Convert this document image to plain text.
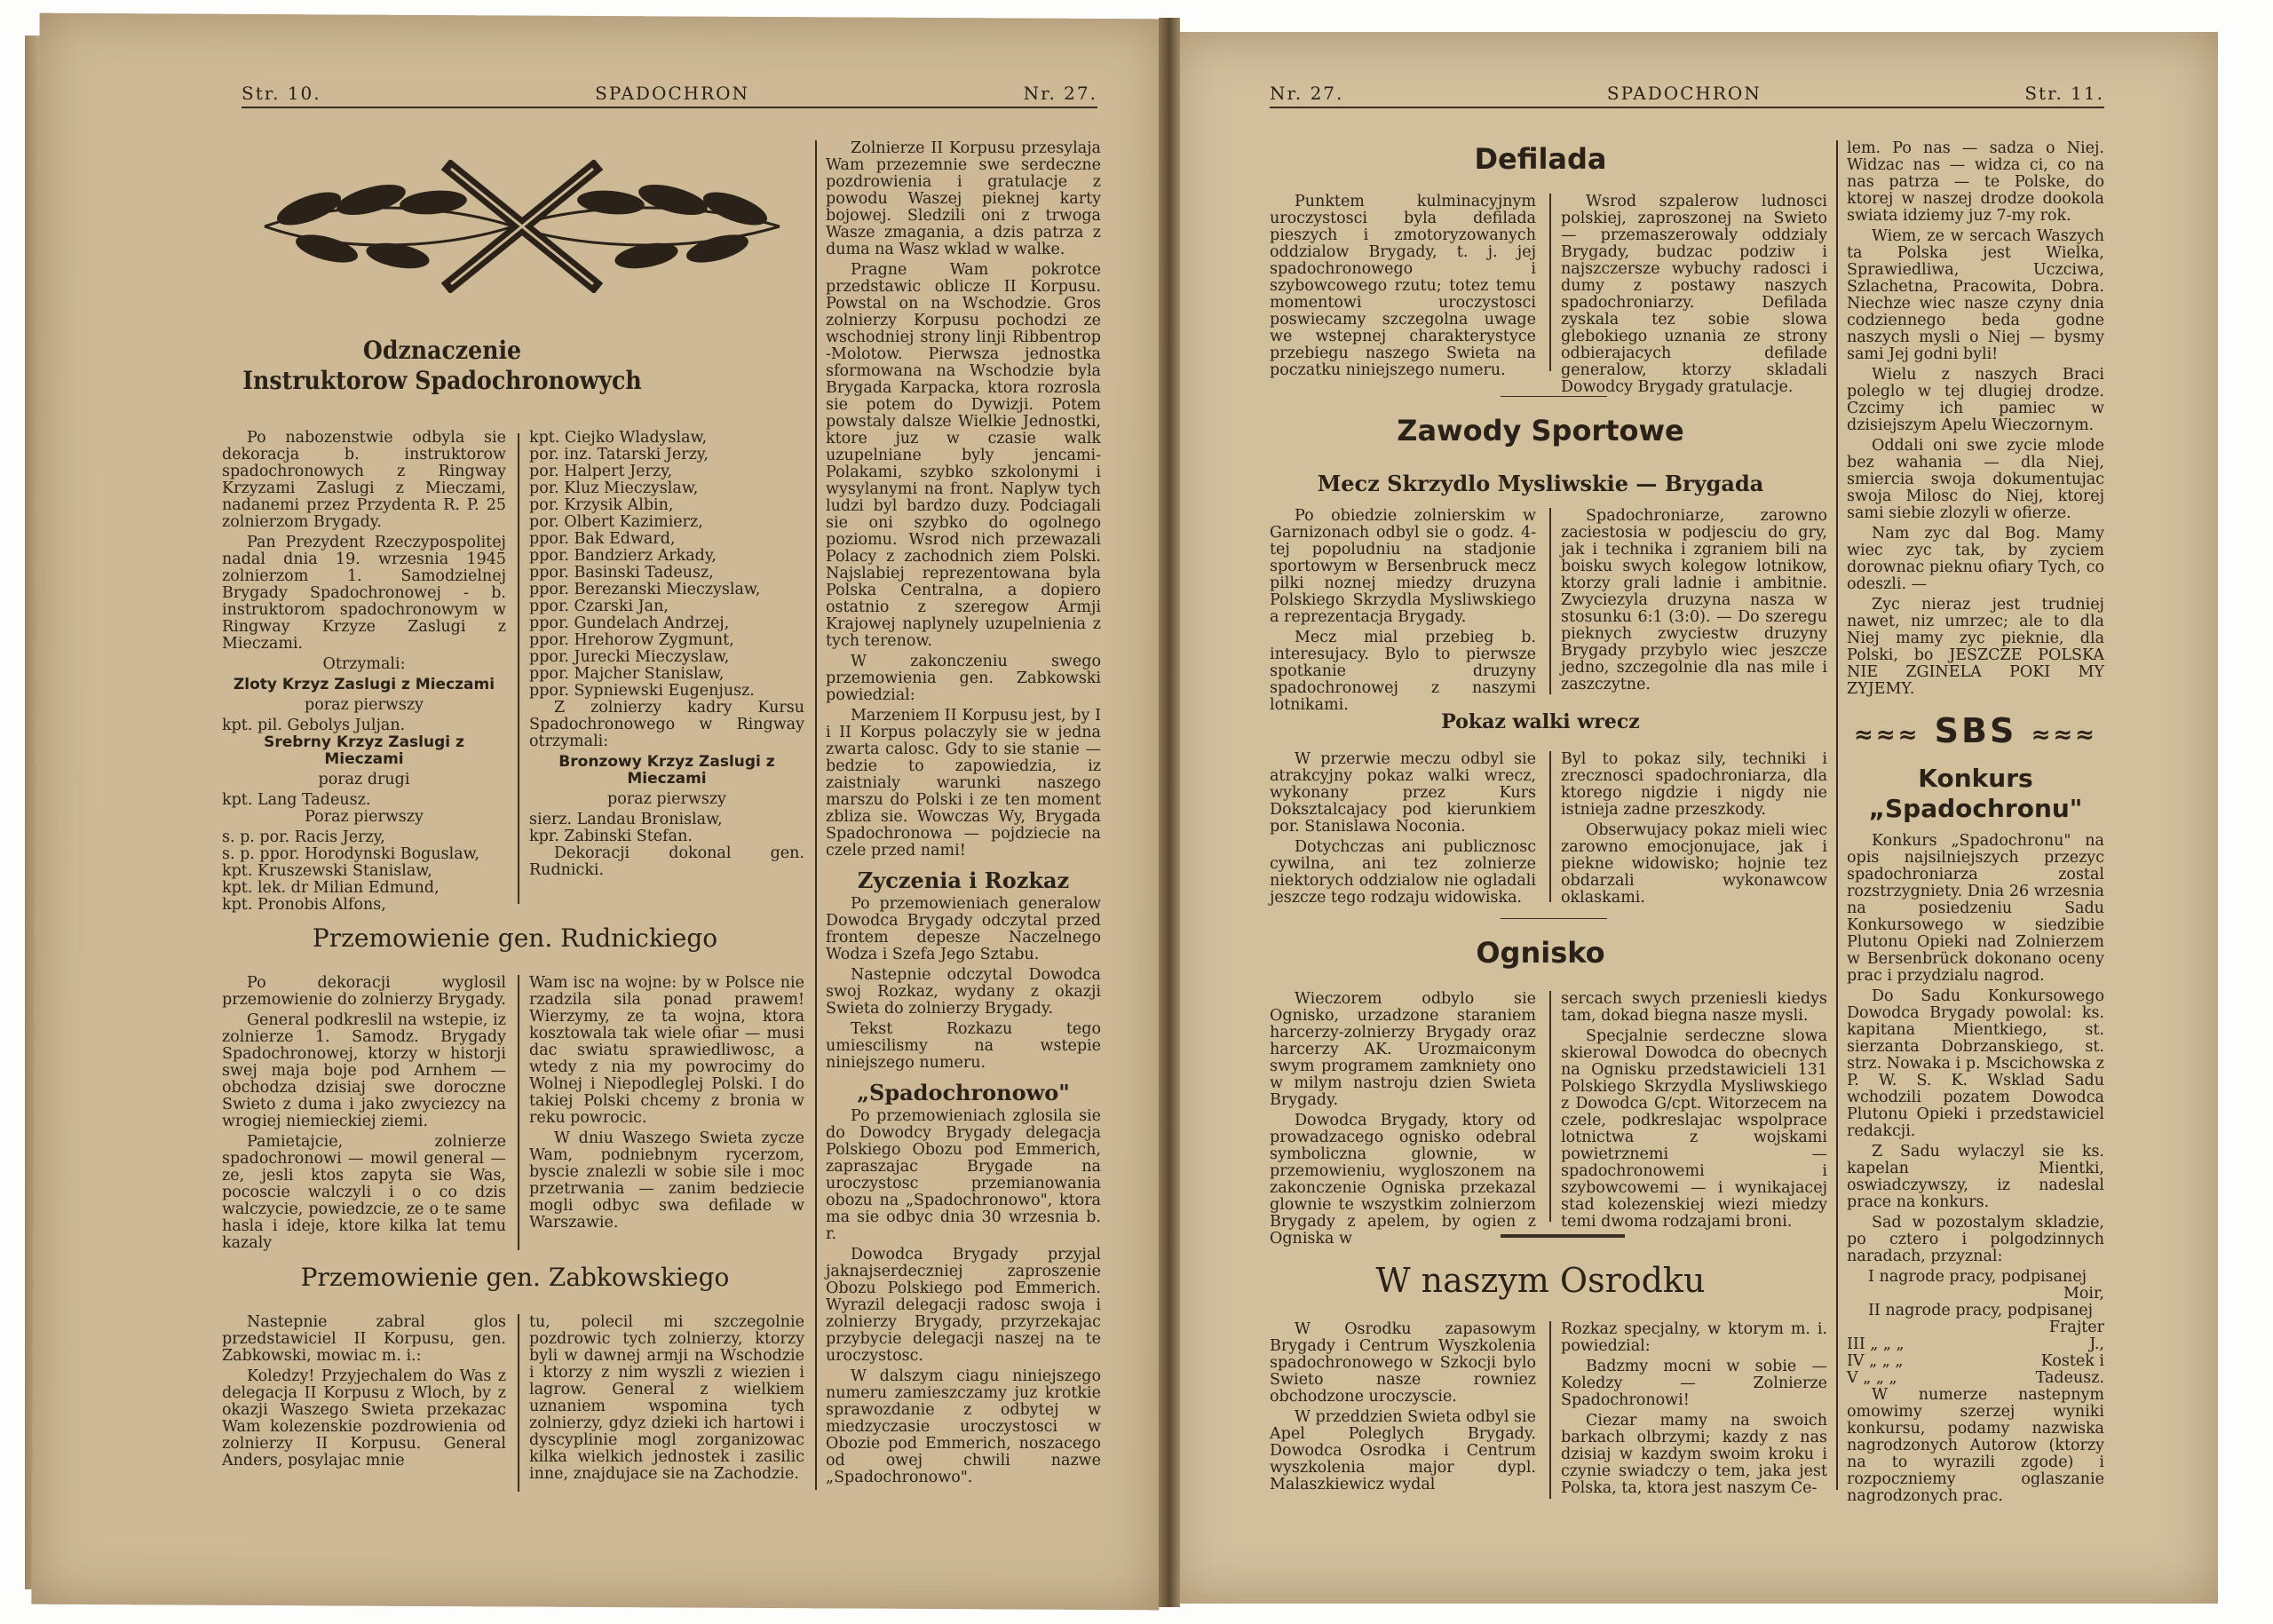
Str. 10.	SPADOCHRON	Nr. 27.
Odznaczenie
Instruktorow Spadochronowych

Po nabozenstwie odbyla sie dekoracja b. instruktorow spadochronowych z Ringway Krzyzami Zaslugi z Mieczami, nadanemi przez Przydenta R. P. 25 zolnierzom Brygady.

Pan Prezydent Rzeczypospolitej nadal dnia 19. wrzesnia 1945 zolnierzom 1. Samodzielnej Brygady Spadochronowej - b. instruktorom spadochronowym w Ringway Krzyze Zaslugi z Mieczami.

Otrzymali:

Zloty Krzyz Zaslugi z Mieczami

poraz pierwszy

kpt. pil. Gebolys Juljan.

Srebrny Krzyz Zaslugi z Mieczami

poraz drugi

kpt. Lang Tadeusz.

Poraz pierwszy

s. p. por. Racis Jerzy,

s. p. ppor. Horodynski Boguslaw,

kpt. Kruszewski Stanislaw,

kpt. lek. dr Milian Edmund,

kpt. Pronobis Alfons,

kpt. Ciejko Wladyslaw,

por. inz. Tatarski Jerzy,

por. Halpert Jerzy,

por. Kluz Mieczyslaw,

por. Krzysik Albin,

por. Olbert Kazimierz,

ppor. Bak Edward,

ppor. Bandzierz Arkady,

ppor. Basinski Tadeusz,

ppor. Berezanski Mieczyslaw,

ppor. Czarski Jan,

ppor. Gundelach Andrzej,

ppor. Hrehorow Zygmunt,

ppor. Jurecki Mieczyslaw,

ppor. Majcher Stanislaw,

ppor. Sypniewski Eugenjusz.

Z zolnierzy kadry Kursu Spadochronowego w Ringway otrzymali:

Bronzowy Krzyz Zaslugi z Mieczami

poraz pierwszy

sierz. Landau Bronislaw,

kpr. Zabinski Stefan.

Dekoracji dokonal gen. Rudnicki.

Przemowienie gen. Rudnickiego

Po dekoracji wyglosil przemowienie do zolnierzy Brygady.

General podkreslil na wstepie, iz zolnierze 1. Samodz. Brygady Spadochronowej, ktorzy w historji swej maja boje pod Arnhem — obchodza dzisiaj swe doroczne Swieto z duma i jako zwyciezcy na wrogiej niemieckiej ziemi.

Pamietajcie, zolnierze spadochronowi — mowil general — ze, jesli ktos zapyta sie Was, pocoscie walczyli i o co dzis walczycie, powiedzcie, ze o te same hasla i ideje, ktore kilka lat temu kazaly

Wam isc na wojne: by w Polsce nie rzadzila sila ponad prawem! Wierzymy, ze ta wojna, ktora kosztowala tak wiele ofiar — musi dac swiatu sprawiedliwosc, a wtedy z nia my powrocimy do Wolnej i Niepodleglej Polski. I do takiej Polski chcemy z bronia w reku powrocic.

W dniu Waszego Swieta zycze Wam, podniebnym rycerzom, byscie znalezli w sobie sile i moc przetrwania — zanim bedziecie mogli odbyc swa defilade w Warszawie.

Przemowienie gen. Zabkowskiego

Nastepnie zabral glos przedstawiciel II Korpusu, gen. Zabkowski, mowiac m. i.:

Koledzy! Przyjechalem do Was z delegacja II Korpusu z Wloch, by z okazji Waszego Swieta przekazac Wam kolezenskie pozdrowienia od zolnierzy II Korpusu. General Anders, posylajac mnie

tu, polecil mi szczegolnie pozdrowic tych zolnierzy, ktorzy byli w dawnej armji na Wschodzie i ktorzy z nim wyszli z wiezien i lagrow. General z wielkiem uznaniem wspomina tych zolnierzy, gdyz dzieki ich hartowi i dyscyplinie mogl zorganizowac kilka wielkich jednostek i zasilic inne, znajdujace sie na Zachodzie.

Zolnierze II Korpusu przesylaja Wam przezemnie swe serdeczne pozdrowienia i gratulacje z powodu Waszej pieknej karty bojowej. Sledzili oni z trwoga Wasze zmagania, a dzis patrza z duma na Wasz wklad w walke.

Pragne Wam pokrotce przedstawic oblicze II Korpusu. Powstal on na Wschodzie. Gros zolnierzy Korpusu pochodzi ze wschodniej strony linji Ribbentrop -Molotow. Pierwsza jednostka sformowana na Wschodzie byla Brygada Karpacka, ktora rozrosla sie potem do Dywizji. Potem powstaly dalsze Wielkie Jednostki, ktore juz w czasie walk uzupelniane byly jencami-Polakami, szybko szkolonymi i wysylanymi na front. Naplyw tych ludzi byl bardzo duzy. Podciagali sie oni szybko do ogolnego poziomu. Wsrod nich przewazali Polacy z zachodnich ziem Polski. Najslabiej reprezentowana byla Polska Centralna, a dopiero ostatnio z szeregow Armji Krajowej naplynely uzupelnienia z tych terenow.

W zakonczeniu swego przemowienia gen. Zabkowski powiedzial:

Marzeniem II Korpusu jest, by I i II Korpus polaczyly sie w jedna zwarta calosc. Gdy to sie stanie — bedzie to zapowiedzia, iz zaistnialy warunki naszego marszu do Polski i ze ten moment zbliza sie. Wowczas Wy, Brygada Spadochronowa — pojdziecie na czele przed nami!

Zyczenia i Rozkaz

Po przemowieniach generalow Dowodca Brygady odczytal przed frontem depesze Naczelnego Wodza i Szefa Jego Sztabu.

Nastepnie odczytal Dowodca swoj Rozkaz, wydany z okazji Swieta do zolnierzy Brygady.

Tekst Rozkazu tego umiescilismy na wstepie niniejszego numeru.

„Spadochronowo"

Po przemowieniach zglosila sie do Dowodcy Brygady delegacja Polskiego Obozu pod Emmerich, zapraszajac Brygade na uroczystosc przemianowania obozu na „Spadochronowo", ktora ma sie odbyc dnia 30 wrzesnia b. r.

Dowodca Brygady przyjal jaknajserdeczniej zaproszenie Obozu Polskiego pod Emmerich. Wyrazil delegacji radosc swoja i zolnierzy Brygady, przyrzekajac przybycie delegacji naszej na te uroczystosc.

W dalszym ciagu niniejszego numeru zamieszczamy juz krotkie sprawozdanie z odbytej w miedzyczasie uroczystosci w Obozie pod Emmerich, noszacego od owej chwili nazwe „Spadochronowo".

Nr. 27.	SPADOCHRON	Str. 11.
Defilada

Punktem kulminacyjnym uroczystosci byla defilada pieszych i zmotoryzowanych oddzialow Brygady, t. j. jej spadochronowego i szybowcowego rzutu; totez temu momentowi uroczystosci poswiecamy szczegolna uwage we wstepnej charakterystyce przebiegu naszego Swieta na poczatku niniejszego numeru.

Wsrod szpalerow ludnosci polskiej, zaproszonej na Swieto — przemaszerowaly oddzialy Brygady, budzac podziw i najszczersze wybuchy radosci i dumy z postawy naszych spadochroniarzy. Defilada zyskala tez sobie slowa glebokiego uznania ze strony odbierajacych defilade generalow, ktorzy skladali Dowodcy Brygady gratulacje.

Zawody Sportowe
Mecz Skrzydlo Mysliwskie — Brygada

Po obiedzie zolnierskim w Garnizonach odbyl sie o godz. 4-tej popoludniu na stadjonie sportowym w Bersenbruck mecz pilki noznej miedzy druzyna Polskiego Skrzydla Mysliwskiego a reprezentacja Brygady.

Mecz mial przebieg b. interesujacy. Bylo to pierwsze spotkanie druzyny spadochronowej z naszymi lotnikami.

Spadochroniarze, zarowno zaciestosia w podjesciu do gry, jak i technika i zgraniem bili na boisku swych kolegow lotnikow, ktorzy grali ladnie i ambitnie. Zwyciezyla druzyna nasza w stosunku 6:1 (3:0). — Do szeregu pieknych zwyciestw druzyny Brygady przybylo wiec jeszcze jedno, szczegolnie dla nas mile i zaszczytne.

Pokaz walki wrecz

W przerwie meczu odbyl sie atrakcyjny pokaz walki wrecz, wykonany przez Kurs Doksztalcajacy pod kierunkiem por. Stanislawa Noconia.

Dotychczas ani publicznosc cywilna, ani tez zolnierze niektorych oddzialow nie ogladali jeszcze tego rodzaju widowiska.

Byl to pokaz sily, techniki i zrecznosci spadochroniarza, dla ktorego nigdzie i nigdy nie istnieja zadne przeszkody.

Obserwujacy pokaz mieli wiec zarowno emocjonujace, jak i piekne widowisko; hojnie tez obdarzali wykonawcow oklaskami.

Ognisko

Wieczorem odbylo sie Ognisko, urzadzone staraniem harcerzy-zolnierzy Brygady oraz harcerzy AK. Urozmaiconym swym programem zamkniety ono w milym nastroju dzien Swieta Brygady.

Dowodca Brygady, ktory od prowadzacego ognisko odebral symboliczna glownie, w przemowieniu, wygloszonem na zakonczenie Ogniska przekazal glownie te wszystkim zolnierzom Brygady z apelem, by ogien z Ogniska w

sercach swych przeniesli kiedys tam, dokad biegna nasze mysli.

Specjalnie serdeczne slowa skierowal Dowodca do obecnych na Ognisku przedstawicieli 131 Polskiego Skrzydla Mysliwskiego z Dowodca G/cpt. Witorzecem na czele, podkreslajac wspolprace lotnictwa z wojskami powietrznemi — spadochronowemi i szybowcowemi — i wynikajacej stad kolezenskiej wiezi miedzy temi dwoma rodzajami broni.

W naszym Osrodku

W Osrodku zapasowym Brygady i Centrum Wyszkolenia spadochronowego w Szkocji bylo Swieto nasze rowniez obchodzone uroczyscie.

W przeddzien Swieta odbyl sie Apel Poleglych Brygady. Dowodca Osrodka i Centrum wyszkolenia major dypl. Malaszkiewicz wydal

Rozkaz specjalny, w ktorym m. i. powiedzial:

Badzmy mocni w sobie — Koledzy — Zolnierze Spadochronowi!

Ciezar mamy na swoich barkach olbrzymi; kazdy z nas dzisiaj w kazdym swoim kroku i czynie swiadczy o tem, jaka jest Polska, ta, ktora jest naszym Ce-

lem. Po nas — sadza o Niej. Widzac nas — widza ci, co na nas patrza — te Polske, do ktorej w naszej drodze dookola swiata idziemy juz 7-my rok.

Wiem, ze w sercach Waszych ta Polska jest Wielka, Sprawiedliwa, Uczciwa, Szlachetna, Pracowita, Dobra. Niechze wiec nasze czyny dnia codziennego beda godne naszych mysli o Niej — bysmy sami Jej godni byli!

Wielu z naszych Braci poleglo w tej dlugiej drodze. Czcimy ich pamiec w dzisiejszym Apelu Wieczornym.

Oddali oni swe zycie mlode bez wahania — dla Niej, smiercia swoja dokumentujac swoja Milosc do Niej, ktorej sami siebie zlozyli w ofierze.

Nam zyc dal Bog. Mamy wiec zyc tak, by zyciem dorownac pieknu ofiary Tych, co odeszli. —

Zyc nieraz jest trudniej nawet, niz umrzec; ale to dla Niej mamy zyc pieknie, dla Polski, bo JESZCZE POLSKA NIE ZGINELA POKI MY ZYJEMY.

≈≈≈ SBS ≈≈≈
Konkurs
„Spadochronu"

Konkurs „Spadochronu" na opis najsilniejszych przezyc spadochroniarza zostal rozstrzygniety. Dnia 26 wrzesnia na posiedzeniu Sadu Konkursowego w siedzibie Plutonu Opieki nad Zolnierzem w Bersenbrück dokonano oceny prac i przydzialu nagrod.

Do Sadu Konkursowego Dowodca Brygady powolal: ks. kapitana Mientkiego, st. sierzanta Dobrzanskiego, st. strz. Nowaka i p. Mscichowska z P. W. S. K. Wsklad Sadu wchodzili pozatem Dowodca Plutonu Opieki i przedstawiciel redakcji.

Z Sadu wylaczyl sie ks. kapelan Mientki, oswiadczywszy, iz nadeslal prace na konkurs.

Sad w pozostalym skladzie, po cztero i polgodzinnych naradach, przyznal:

I nagrode pracy, podpisanej

Moir,

II nagrode pracy, podpisanej

Frajter

III „ „ „	J.,

IV „ „ „	Kostek i

V „ „ „	Tadeusz.

W numerze nastepnym omowimy szerzej wyniki konkursu, podamy nazwiska nagrodzonych Autorow (ktorzy na to wyrazili zgode) i rozpoczniemy oglaszanie nagrodzonych prac.
